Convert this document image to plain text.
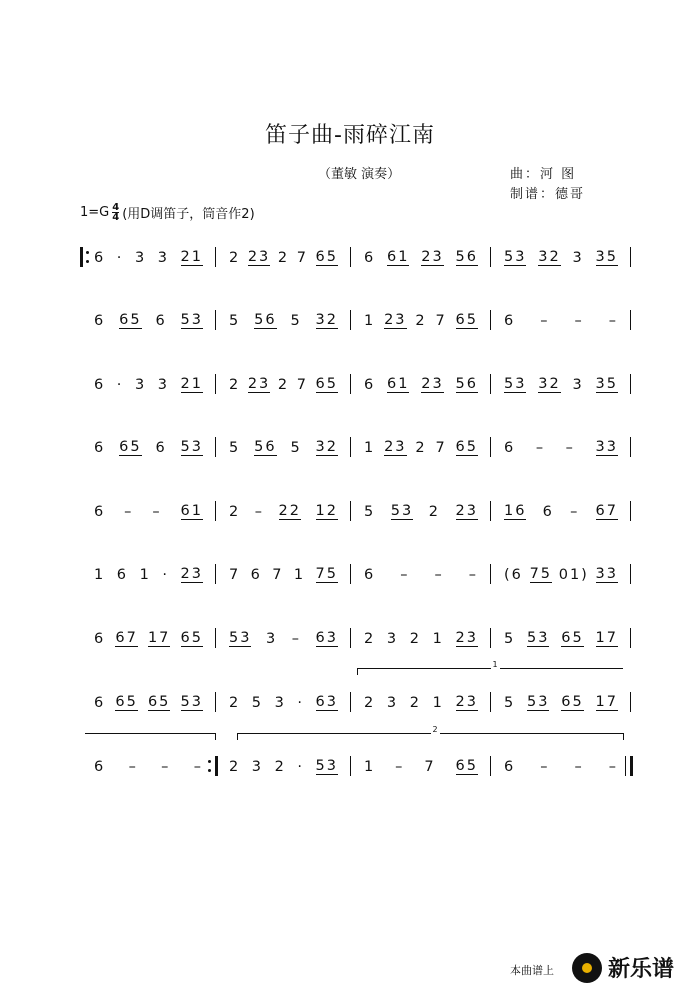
笛子曲-雨碎江南
（董敏 演奏）	曲：河 图
制谱：德哥
$1=G \frac{4}{4}$ (用D调笛子，筒音作2)
6 · 3 3 21 2 23 2 7 65 6 61 23 56 53 32 3 35
6 65 6 53 5 56 5 32 1 23 2 7 65 6 – – –
6 · 3 3 21 2 23 2 7 65 6 61 23 56 53 32 3 35
6 65 6 53 5 56 5 32 1 23 2 7 65 6 – – 33
6 – – 61 2 – 22 12 5 53 2 23 16 6 – 67
1 6 1 · 23 7 6 7 1 75 6 – – – (6 75 01) 33
6 67 17 65 53 3 – 63 2 3 2 1 23 5 53 65 17
6 65 65 53 2 5 3 · 63 2 3 2 1 23 5 53 65 17
6 – – – 2 3 2 · 53 1 – 7 65 6 – – –
1
2
本曲谱上 新乐谱
